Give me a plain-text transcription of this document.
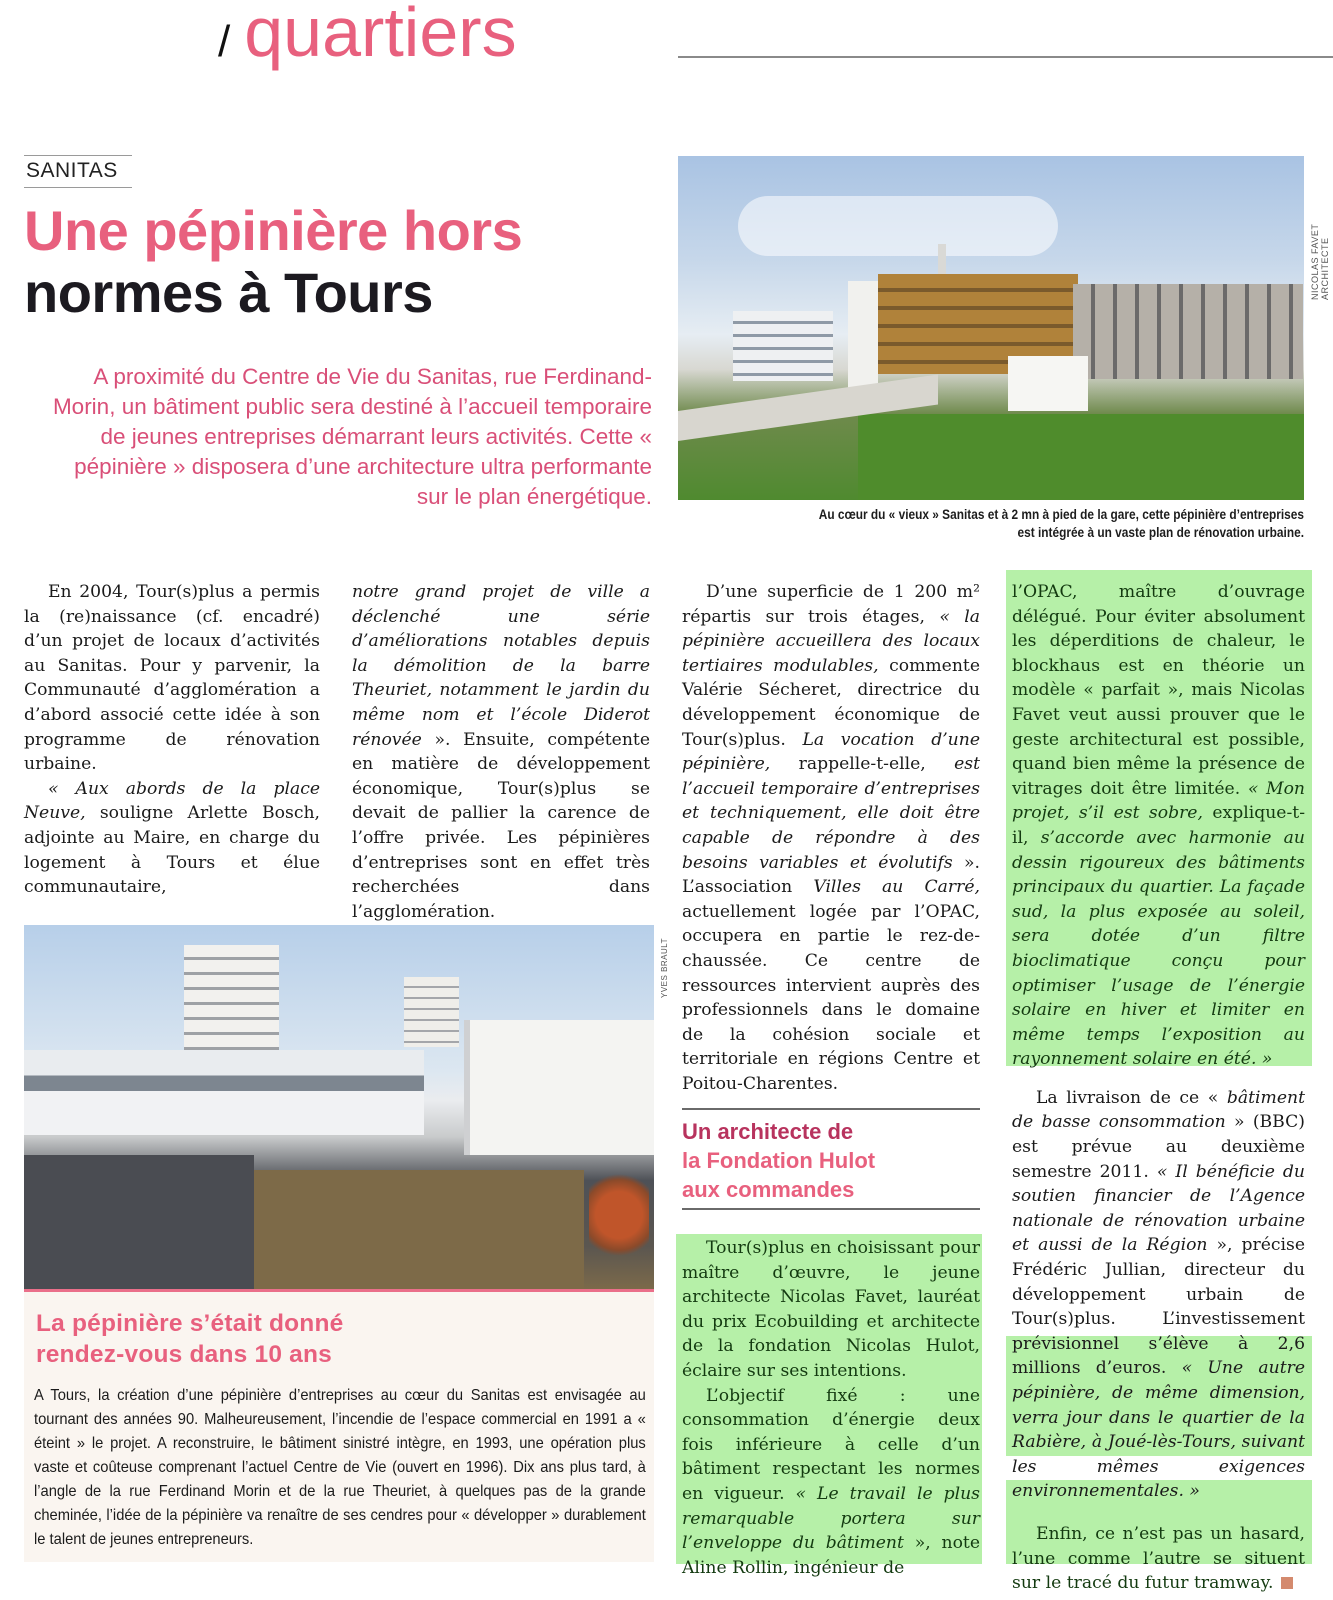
/ quartiers
SANITAS
Une pépinière hors
normes à Tours

A proximité du Centre de Vie du Sanitas, rue Ferdinand-Morin, un bâtiment public sera destiné à l’accueil temporaire de jeunes entreprises démarrant leurs activités. Cette « pépinière » disposera d’une architecture ultra performante sur le plan énergétique.

NICOLAS FAVET ARCHITECTE
Au cœur du « vieux » Sanitas et à 2 mn à pied de la gare, cette pépinière d’entreprises
est intégrée à un vaste plan de rénovation urbaine.

En 2004, Tour(s)plus a permis la (re)naissance (cf. encadré) d’un projet de locaux d’activités au Sanitas. Pour y parvenir, la Communauté d’agglomération a d’abord associé cette idée à son programme de rénovation urbaine.

« Aux abords de la place Neuve, souligne Arlette Bosch, adjointe au Maire, en charge du logement à Tours et élue communautaire,

notre grand projet de ville a déclenché une série d’améliorations notables depuis la démolition de la barre Theuriet, notamment le jardin du même nom et l’école Diderot rénovée ». Ensuite, compétente en matière de développement économique, Tour(s)plus se devait de pallier la carence de l’offre privée. Les pépinières d’entreprises sont en effet très recherchées dans l’agglomération.

D’une superficie de 1 200 m² répartis sur trois étages, « la pépinière accueillera des locaux tertiaires modulables, commente Valérie Sécheret, directrice du développement économique de Tour(s)plus. La vocation d’une pépinière, rappelle-t-elle, est l’accueil temporaire d’entreprises et techniquement, elle doit être capable de répondre à des besoins variables et évolutifs ». L’association Villes au Carré, actuellement logée par l’OPAC, occupera en partie le rez-de-chaussée. Ce centre de ressources intervient auprès des professionnels dans le domaine de la cohésion sociale et territoriale en régions Centre et Poitou-Charentes.

Un architecte de
la Fondation Hulot
aux commandes

Tour(s)plus en choisissant pour maître d’œuvre, le jeune architecte Nicolas Favet, lauréat du prix Ecobuilding et architecte de la fondation Nicolas Hulot, éclaire sur ses intentions.

L’objectif fixé : une consommation d’énergie deux fois inférieure à celle d’un bâtiment respectant les normes en vigueur. « Le travail le plus remarquable portera sur l’enveloppe du bâtiment », note Aline Rollin, ingénieur de

l’OPAC, maître d’ouvrage délégué. Pour éviter absolument les déperditions de chaleur, le blockhaus est en théorie un modèle « parfait », mais Nicolas Favet veut aussi prouver que le geste architectural est possible, quand bien même la présence de vitrages doit être limitée. « Mon projet, s’il est sobre, explique-t-il, s’accorde avec harmonie au dessin rigoureux des bâtiments principaux du quartier. La façade sud, la plus exposée au soleil, sera dotée d’un filtre bioclimatique conçu pour optimiser l’usage de l’énergie solaire en hiver et limiter en même temps l’exposition au rayonnement solaire en été. »

La livraison de ce « bâtiment de basse consommation » (BBC) est prévue au deuxième semestre 2011. « Il bénéficie du soutien financier de l’Agence nationale de rénovation urbaine et aussi de la Région », précise Frédéric Jullian, directeur du développement urbain de Tour(s)plus. L’investissement prévisionnel s’élève à 2,6 millions d’euros. « Une autre pépinière, de même dimension, verra jour dans le quartier de la Rabière, à Joué-lès-Tours, suivant les mêmes exigences environnementales. »

Enfin, ce n’est pas un hasard, l’une comme l’autre se situent sur le tracé du futur tramway.

YVES BRAULT
La pépinière s’était donné
rendez-vous dans 10 ans

A Tours, la création d’une pépinière d’entreprises au cœur du Sanitas est envisagée au tournant des années 90. Malheureusement, l’incendie de l’espace commercial en 1991 a « éteint » le projet. A reconstruire, le bâtiment sinistré intègre, en 1993, une opération plus vaste et coûteuse comprenant l’actuel Centre de Vie (ouvert en 1996). Dix ans plus tard, à l’angle de la rue Ferdinand Morin et de la rue Theuriet, à quelques pas de la grande cheminée, l’idée de la pépinière va renaître de ses cendres pour « développer » durablement le talent de jeunes entrepreneurs.
